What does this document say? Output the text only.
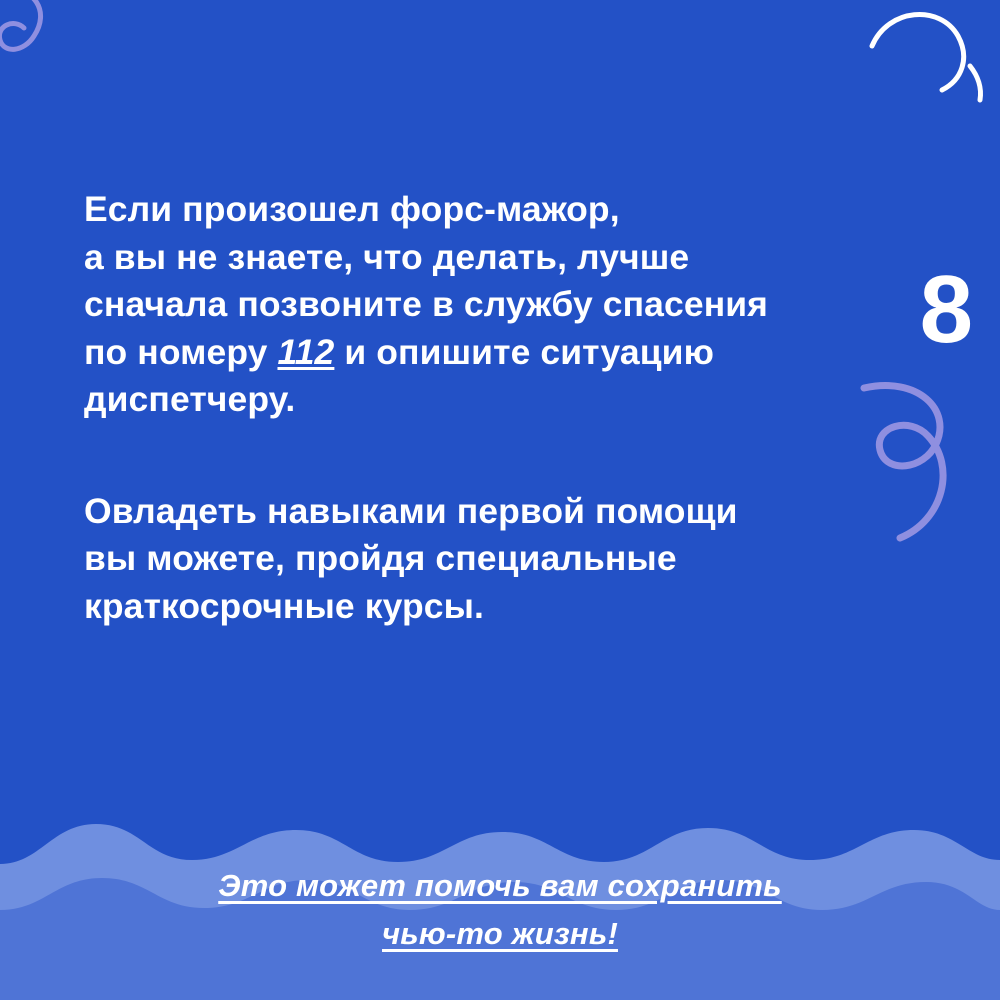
8

Если произошел форс-мажор,
а вы не знаете, что делать, лучше
сначала позвоните в службу спасения
по номеру 112 и опишите ситуацию
диспетчеру.

Овладеть навыками первой помощи
вы можете, пройдя специальные
краткосрочные курсы.

Это может помочь вам сохранить
чью-то жизнь!
